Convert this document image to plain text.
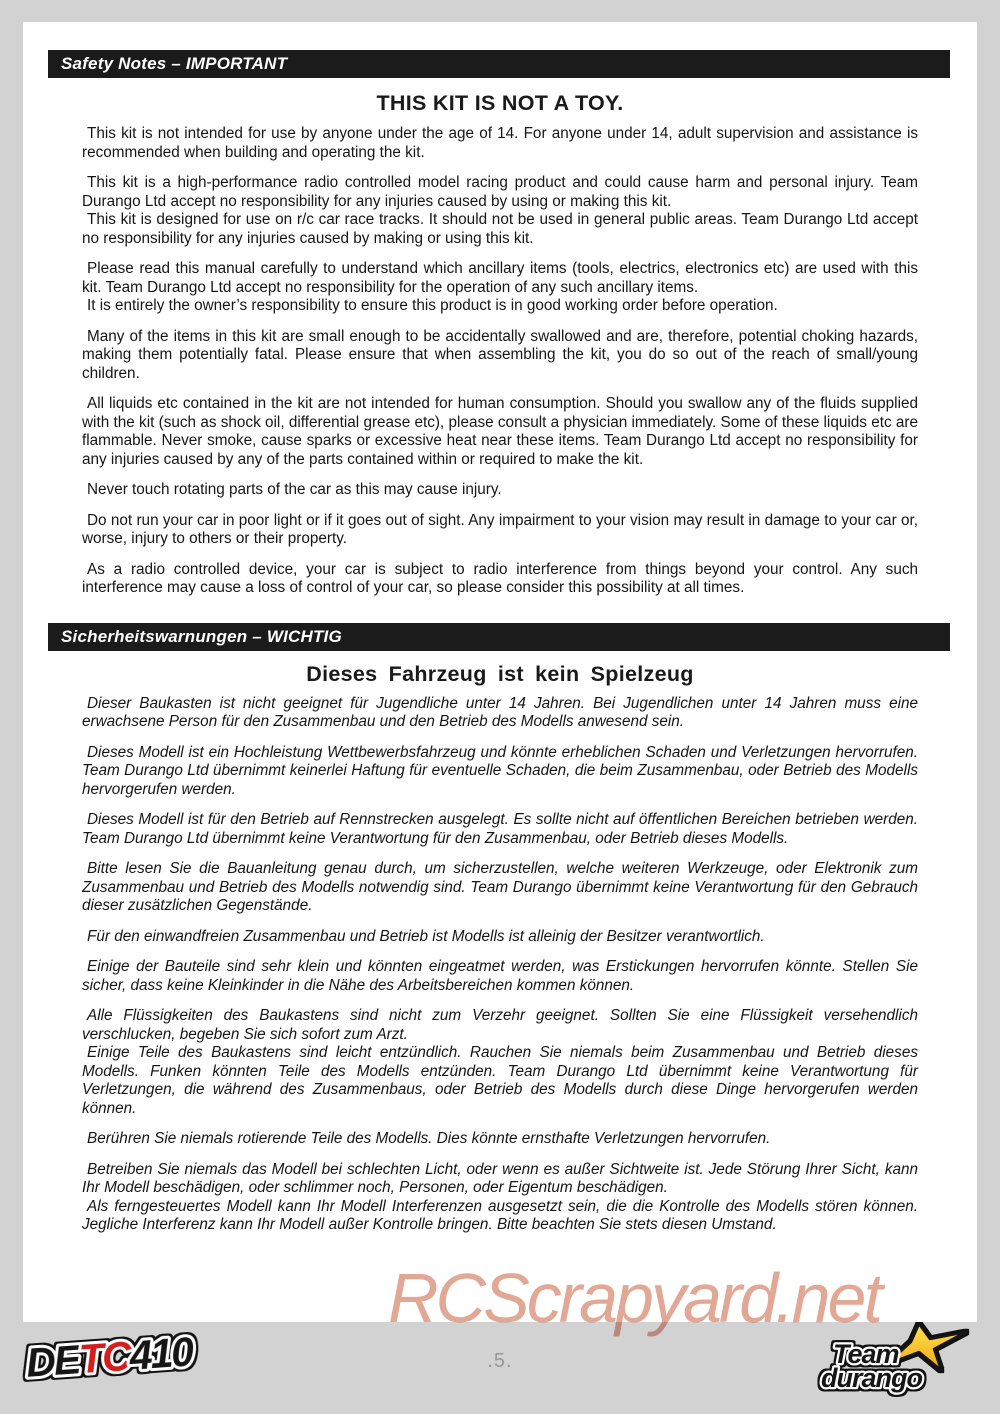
Safety Notes – IMPORTANT
THIS KIT IS NOT A TOY.

This kit is not intended for use by anyone under the age of 14. For anyone under 14, adult supervision and assistance is recommended when building and operating the kit.

This kit is a high-performance radio controlled model racing product and could cause harm and personal injury. Team Durango Ltd accept no responsibility for any injuries caused by using or making this kit.

This kit is designed for use on r/c car race tracks. It should not be used in general public areas. Team Durango Ltd accept no responsibility for any injuries caused by making or using this kit.

Please read this manual carefully to understand which ancillary items (tools, electrics, electronics etc) are used with this kit. Team Durango Ltd accept no responsibility for the operation of any such ancillary items.

It is entirely the owner’s responsibility to ensure this product is in good working order before operation.

Many of the items in this kit are small enough to be accidentally swallowed and are, therefore, potential choking hazards, making them potentially fatal. Please ensure that when assembling the kit, you do so out of the reach of small/young children.

All liquids etc contained in the kit are not intended for human consumption. Should you swallow any of the fluids supplied with the kit (such as shock oil, differential grease etc), please consult a physician immediately. Some of these liquids etc are flammable. Never smoke, cause sparks or excessive heat near these items. Team Durango Ltd accept no responsibility for any injuries caused by any of the parts contained within or required to make the kit.

Never touch rotating parts of the car as this may cause injury.

Do not run your car in poor light or if it goes out of sight. Any impairment to your vision may result in damage to your car or, worse, injury to others or their property.

As a radio controlled device, your car is subject to radio interference from things beyond your control. Any such interference may cause a loss of control of your car, so please consider this possibility at all times.

Sicherheitswarnungen – WICHTIG
Dieses Fahrzeug ist kein Spielzeug

Dieser Baukasten ist nicht geeignet für Jugendliche unter 14 Jahren. Bei Jugendlichen unter 14 Jahren muss eine erwachsene Person für den Zusammenbau und den Betrieb des Modells anwesend sein.

Dieses Modell ist ein Hochleistung Wettbewerbsfahrzeug und könnte erheblichen Schaden und Verletzungen hervorrufen. Team Durango Ltd übernimmt keinerlei Haftung für eventuelle Schaden, die beim Zusammenbau, oder Betrieb des Modells hervorgerufen werden.

Dieses Modell ist für den Betrieb auf Rennstrecken ausgelegt. Es sollte nicht auf öffentlichen Bereichen betrieben werden. Team Durango Ltd übernimmt keine Verantwortung für den Zusammenbau, oder Betrieb dieses Modells.

Bitte lesen Sie die Bauanleitung genau durch, um sicherzustellen, welche weiteren Werkzeuge, oder Elektronik zum Zusammenbau und Betrieb des Modells notwendig sind. Team Durango übernimmt keine Verantwortung für den Gebrauch dieser zusätzlichen Gegenstände.

Für den einwandfreien Zusammenbau und Betrieb ist Modells ist alleinig der Besitzer verantwortlich.

Einige der Bauteile sind sehr klein und könnten eingeatmet werden, was Erstickungen hervorrufen könnte. Stellen Sie sicher, dass keine Kleinkinder in die Nähe des Arbeitsbereichen kommen können.

Alle Flüssigkeiten des Baukastens sind nicht zum Verzehr geeignet. Sollten Sie eine Flüssigkeit versehendlich verschlucken, begeben Sie sich sofort zum Arzt.

Einige Teile des Baukastens sind leicht entzündlich. Rauchen Sie niemals beim Zusammenbau und Betrieb dieses Modells. Funken könnten Teile des Modells entzünden. Team Durango Ltd übernimmt keine Verantwortung für Verletzungen, die während des Zusammenbaus, oder Betrieb des Modells durch diese Dinge hervorgerufen werden können.

Berühren Sie niemals rotierende Teile des Modells. Dies könnte ernsthafte Verletzungen hervorrufen.

Betreiben Sie niemals das Modell bei schlechten Licht, oder wenn es außer Sichtweite ist. Jede Störung Ihrer Sicht, kann Ihr Modell beschädigen, oder schlimmer noch, Personen, oder Eigentum beschädigen.

Als ferngesteuertes Modell kann Ihr Modell Interferenzen ausgesetzt sein, die die Kontrolle des Modells stören können. Jegliche Interferenz kann Ihr Modell außer Kontrolle bringen. Bitte beachten Sie stets diesen Umstand.

RCScrapyard.net
DETC410	.5.	Team
durango
